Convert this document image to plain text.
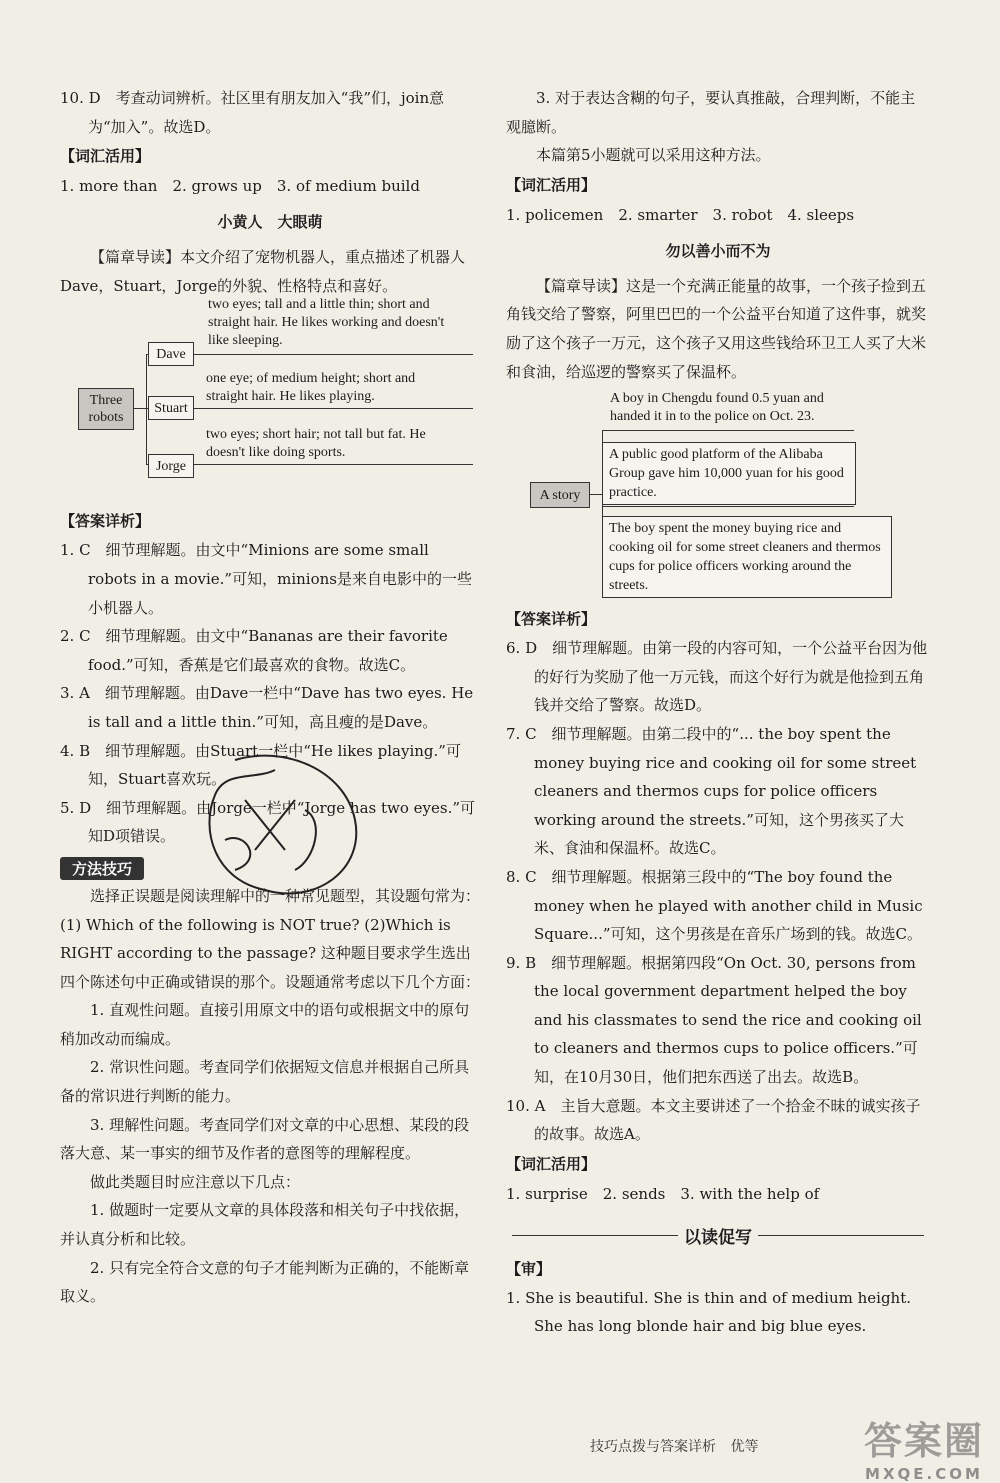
10. D　考查动词辨析。社区里有朋友加入“我”们，join意为“加入”。故选D。

【词汇活用】

1. more than　2. grows up　3. of medium build

小黄人　大眼萌

【篇章导读】本文介绍了宠物机器人，重点描述了机器人Dave，Stuart，Jorge的外貌、性格特点和喜好。

Three robots
Dave
two eyes; tall and a little thin; short and straight hair. He likes working and doesn't like sleeping.
Stuart
one eye; of medium height; short and straight hair. He likes playing.
Jorge
two eyes; short hair; not tall but fat. He doesn't like doing sports.

【答案详析】

1. C　细节理解题。由文中“Minions are some small robots in a movie.”可知，minions是来自电影中的一些小机器人。

2. C　细节理解题。由文中“Bananas are their favorite food.”可知，香蕉是它们最喜欢的食物。故选C。

3. A　细节理解题。由Dave一栏中“Dave has two eyes. He is tall and a little thin.”可知，高且瘦的是Dave。

4. B　细节理解题。由Stuart一栏中“He likes playing.”可知，Stuart喜欢玩。

5. D　细节理解题。由Jorge一栏中“Jorge has two eyes.”可知D项错误。

方法技巧

选择正误题是阅读理解中的一种常见题型，其设题句常为：(1) Which of the following is NOT true? (2)Which is RIGHT according to the passage? 这种题目要求学生选出四个陈述句中正确或错误的那个。设题通常考虑以下几个方面：

1. 直观性问题。直接引用原文中的语句或根据文中的原句稍加改动而编成。

2. 常识性问题。考查同学们依据短文信息并根据自己所具备的常识进行判断的能力。

3. 理解性问题。考查同学们对文章的中心思想、某段的段落大意、某一事实的细节及作者的意图等的理解程度。

做此类题目时应注意以下几点：

1. 做题时一定要从文章的具体段落和相关句子中找依据，并认真分析和比较。

2. 只有完全符合文意的句子才能判断为正确的，不能断章取义。

3. 对于表达含糊的句子，要认真推敲，合理判断，不能主观臆断。

本篇第5小题就可以采用这种方法。

【词汇活用】

1. policemen　2. smarter　3. robot　4. sleeps

勿以善小而不为

【篇章导读】这是一个充满正能量的故事，一个孩子捡到五角钱交给了警察，阿里巴巴的一个公益平台知道了这件事，就奖励了这个孩子一万元，这个孩子又用这些钱给环卫工人买了大米和食油，给巡逻的警察买了保温杯。

A boy in Chengdu found 0.5 yuan and handed it in to the police on Oct. 23.
A story
A public good platform of the Alibaba Group gave him 10,000 yuan for his good practice.
The boy spent the money buying rice and cooking oil for some street cleaners and thermos cups for police officers working around the streets.

【答案详析】

6. D　细节理解题。由第一段的内容可知，一个公益平台因为他的好行为奖励了他一万元钱，而这个好行为就是他捡到五角钱并交给了警察。故选D。

7. C　细节理解题。由第二段中的“... the boy spent the money buying rice and cooking oil for some street cleaners and thermos cups for police officers working around the streets.”可知，这个男孩买了大米、食油和保温杯。故选C。

8. C　细节理解题。根据第三段中的“The boy found the money when he played with another child in Music Square...”可知，这个男孩是在音乐广场到的钱。故选C。

9. B　细节理解题。根据第四段“On Oct. 30, persons from the local government department helped the boy and his classmates to send the rice and cooking oil to cleaners and thermos cups to police officers.”可知，在10月30日，他们把东西送了出去。故选B。

10. A　主旨大意题。本文主要讲述了一个拾金不昧的诚实孩子的故事。故选A。

【词汇活用】

1. surprise　2. sends　3. with the help of

以读促写

【审】

1. She is beautiful. She is thin and of medium height. She has long blonde hair and big blue eyes.

技巧点拨与答案详析 优等	答案圈
MXQE.COM
